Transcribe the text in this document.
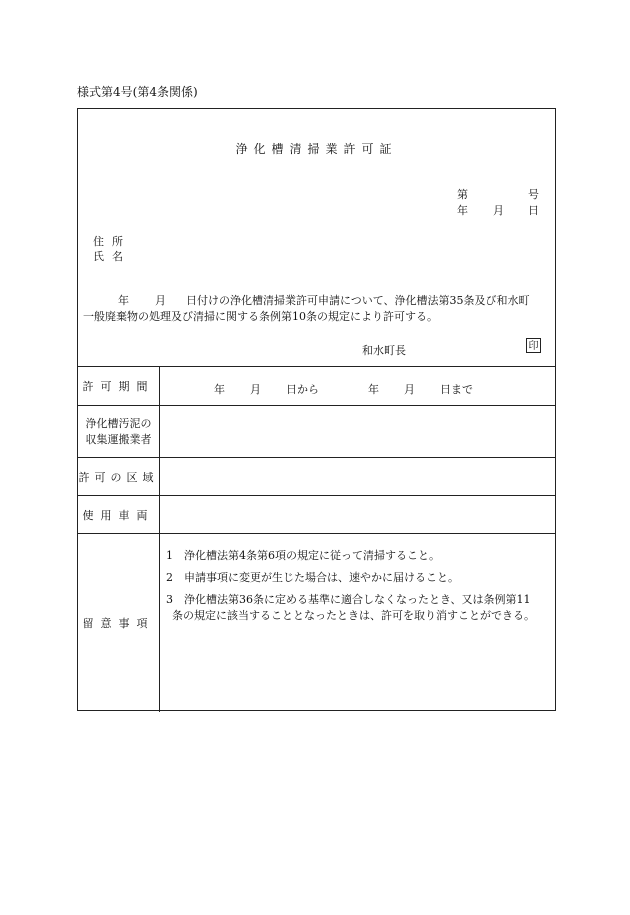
様式第4号(第4条関係)
浄化槽清掃業許可証
第	号
年 月 日
住所
氏名
年 月 日付けの浄化槽清掃業許可申請について、浄化槽法第35条及び和水町
一般廃棄物の処理及び清掃に関する条例第10条の規定により許可する。
和水町長	印
許可期間	年 月 日から	年 月 日まで
浄化槽汚泥の
収集運搬業者
許可の区域
使用車両
留意事項
1 浄化槽法第4条第6項の規定に従って清掃すること。
2 申請事項に変更が生じた場合は、速やかに届けること。
3 浄化槽法第36条に定める基準に適合しなくなったとき、又は条例第11
条の規定に該当することとなったときは、許可を取り消すことができる。
